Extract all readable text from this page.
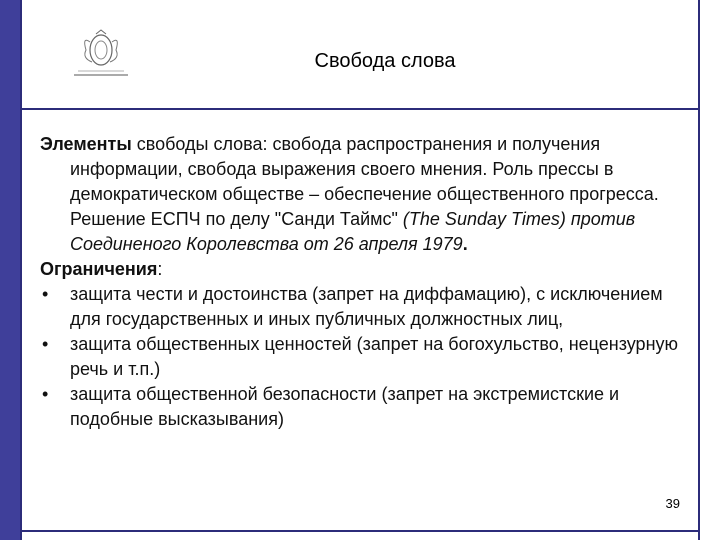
Свобода слова

Элементы свободы слова: свобода распространения и получения информации, свобода выражения своего мнения. Роль прессы в демократическом обществе – обеспечение общественного прогресса. Решение ЕСПЧ по делу "Санди Таймс" (The Sunday Times) против Соединеного Королевства от 26 апреля 1979.

Ограничения:

• защита чести и достоинства (запрет на диффамацию), с исключением для государственных и иных публичных должностных лиц,

• защита общественных ценностей (запрет на богохульство, нецензурную речь и т.п.)

• защита общественной безопасности (запрет на экстремистские и подобные высказывания)

39
